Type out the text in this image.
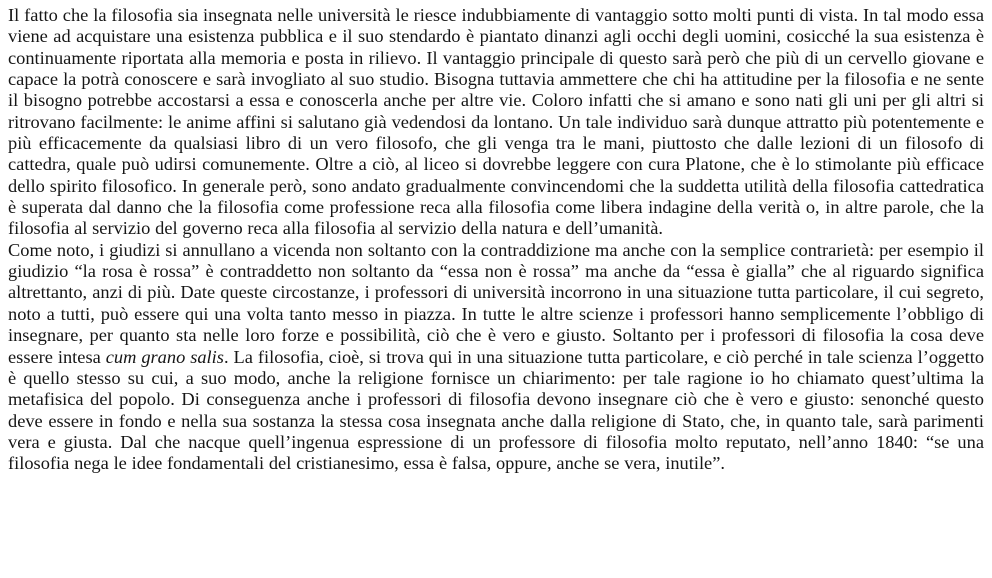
Il fatto che la filosofia sia insegnata nelle università le riesce indubbiamente di vantaggio sotto molti punti di vista. In tal modo essa viene ad acquistare una esistenza pubblica e il suo stendardo è piantato dinanzi agli occhi degli uomini, cosicché la sua esistenza è continuamente riportata alla memoria e posta in rilievo. Il vantaggio principale di questo sarà però che più di un cervello giovane e capace la potrà conoscere e sarà invogliato al suo studio. Bisogna tuttavia ammettere che chi ha attitudine per la filosofia e ne sente il bisogno potrebbe accostarsi a essa e conoscerla anche per altre vie. Coloro infatti che si amano e sono nati gli uni per gli altri si ritrovano facilmente: le anime affini si salutano già vedendosi da lontano. Un tale individuo sarà dunque attratto più potentemente e più efficacemente da qualsiasi libro di un vero filosofo, che gli venga tra le mani, piuttosto che dalle lezioni di un filosofo di cattedra, quale può udirsi comunemente. Oltre a ciò, al liceo si dovrebbe leggere con cura Platone, che è lo stimolante più efficace dello spirito filosofico. In generale però, sono andato gradualmente convincendomi che la suddetta utilità della filosofia cattedratica è superata dal danno che la filosofia come professione reca alla filosofia come libera indagine della verità o, in altre parole, che la filosofia al servizio del governo reca alla filosofia al servizio della natura e dell’umanità.

Come noto, i giudizi si annullano a vicenda non soltanto con la contraddizione ma anche con la semplice contrarietà: per esempio il giudizio “la rosa è rossa” è contraddetto non soltanto da “essa non è rossa” ma anche da “essa è gialla” che al riguardo significa altrettanto, anzi di più. Date queste circostanze, i professori di università incorrono in una situazione tutta particolare, il cui segreto, noto a tutti, può essere qui una volta tanto messo in piazza. In tutte le altre scienze i professori hanno semplicemente l’obbligo di insegnare, per quanto sta nelle loro forze e possibilità, ciò che è vero e giusto. Soltanto per i professori di filosofia la cosa deve essere intesa cum grano salis. La filosofia, cioè, si trova qui in una situazione tutta particolare, e ciò perché in tale scienza l’oggetto è quello stesso su cui, a suo modo, anche la religione fornisce un chiarimento: per tale ragione io ho chiamato quest’ultima la metafisica del popolo. Di conseguenza anche i professori di filosofia devono insegnare ciò che è vero e giusto: senonché questo deve essere in fondo e nella sua sostanza la stessa cosa insegnata anche dalla religione di Stato, che, in quanto tale, sarà parimenti vera e giusta. Dal che nacque quell’ingenua espressione di un professore di filosofia molto reputato, nell’anno 1840: “se una filosofia nega le idee fondamentali del cristianesimo, essa è falsa, oppure, anche se vera, inutile”.
